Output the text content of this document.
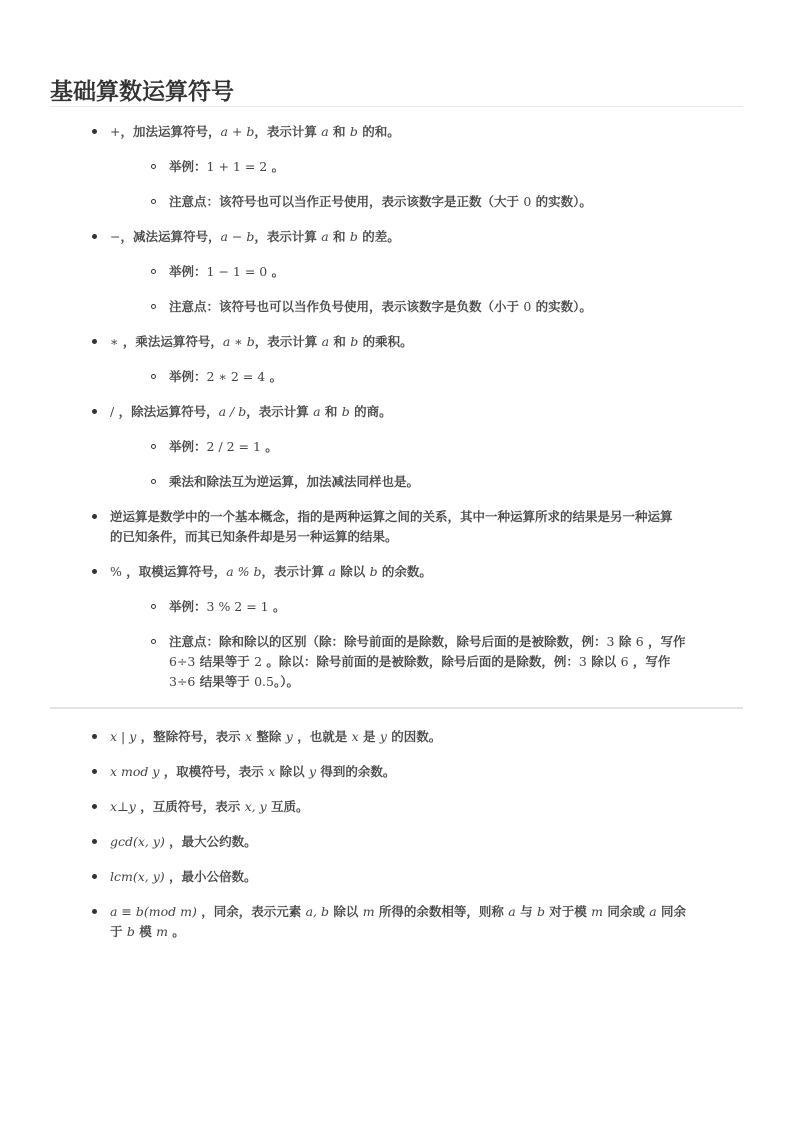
基础算数运算符号
+，加法运算符号，a + b，表示计算 a 和 b 的和。
举例：1 + 1 = 2 。
注意点：该符号也可以当作正号使用，表示该数字是正数（大于 0 的实数）。
−，减法运算符号，a − b，表示计算 a 和 b 的差。
举例：1 − 1 = 0 。
注意点：该符号也可以当作负号使用，表示该数字是负数（小于 0 的实数）。
∗ ，乘法运算符号，a ∗ b，表示计算 a 和 b 的乘积。
举例：2 ∗ 2 = 4 。
/ ，除法运算符号，a / b，表示计算 a 和 b 的商。
举例：2 / 2 = 1 。
乘法和除法互为逆运算，加法减法同样也是。
逆运算是数学中的一个基本概念，指的是两种运算之间的关系，其中一种运算所求的结果是另一种运算
的已知条件，而其已知条件却是另一种运算的结果。
% ，取模运算符号，a % b，表示计算 a 除以 b 的余数。
举例：3 % 2 = 1 。
注意点：除和除以的区别（除：除号前面的是除数，除号后面的是被除数，例：3 除 6 ，写作
6÷3 结果等于 2 。除以：除号前面的是被除数，除号后面的是除数，例：3 除以 6 ，写作
3÷6 结果等于 0.5。）。
x | y ，整除符号，表示 x 整除 y ，也就是 x 是 y 的因数。
x mod y ，取模符号，表示 x 除以 y 得到的余数。
x⊥y ，互质符号，表示 x, y 互质。
gcd(x, y) ，最大公约数。
lcm(x, y) ，最小公倍数。
a ≡ b(mod m) ，同余，表示元素 a, b 除以 m 所得的余数相等，则称 a 与 b 对于模 m 同余或 a 同余
于 b 模 m 。
